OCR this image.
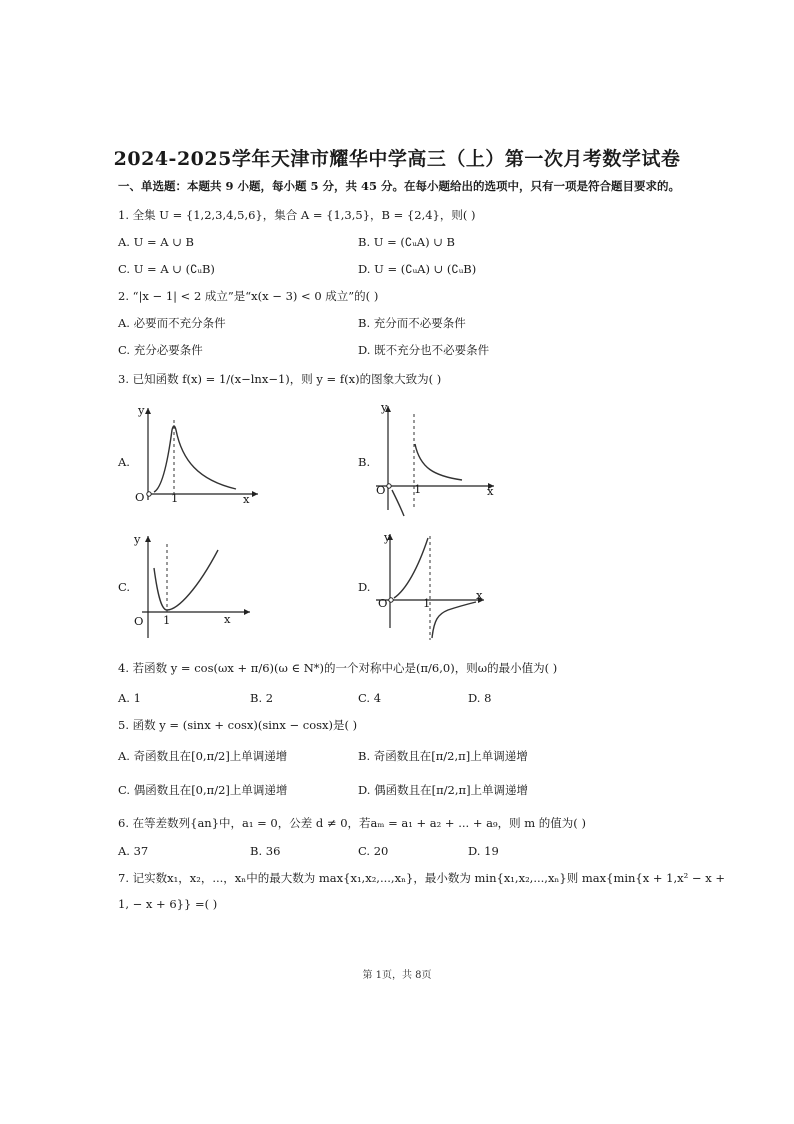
2024-2025学年天津市耀华中学高三（上）第一次月考数学试卷
一、单选题：本题共 9 小题，每小题 5 分，共 45 分。在每小题给出的选项中，只有一项是符合题目要求的。
1. 全集 U = {1,2,3,4,5,6}，集合 A = {1,3,5}，B = {2,4}，则( )
A. U = A ∪ B	B. U = (∁ᵤA) ∪ B
C. U = A ∪ (∁ᵤB)	D. U = (∁ᵤA) ∪ (∁ᵤB)
2. “|x − 1| < 2 成立”是“x(x − 3) < 0 成立”的( )
A. 必要而不充分条件	B. 充分而不必要条件
C. 充分必要条件	D. 既不充分也不必要条件
3. 已知函数 f(x) = 1/(x−lnx−1)，则 y = f(x)的图象大致为( )
A.
y
x
O 1
B.
y
x
O 1
C.
y
x
O 1
D.
y
x
O	1
4. 若函数 y = cos(ωx + π/6)(ω ∈ N*)的一个对称中心是(π/6,0)，则ω的最小值为( )
A. 1	B. 2	C. 4	D. 8
5. 函数 y = (sinx + cosx)(sinx − cosx)是( )
A. 奇函数且在[0,π/2]上单调递增	B. 奇函数且在[π/2,π]上单调递增
C. 偶函数且在[0,π/2]上单调递增	D. 偶函数且在[π/2,π]上单调递增
6. 在等差数列{an}中，a₁ = 0，公差 d ≠ 0，若aₘ = a₁ + a₂ + ... + a₉，则 m 的值为( )
A. 37	B. 36	C. 20	D. 19
7. 记实数x₁，x₂，...，xₙ中的最大数为 max{x₁,x₂,...,xₙ}，最小数为 min{x₁,x₂,...,xₙ}则 max{min{x + 1,x² − x +
1, − x + 6}} =( )
第 1页，共 8页
